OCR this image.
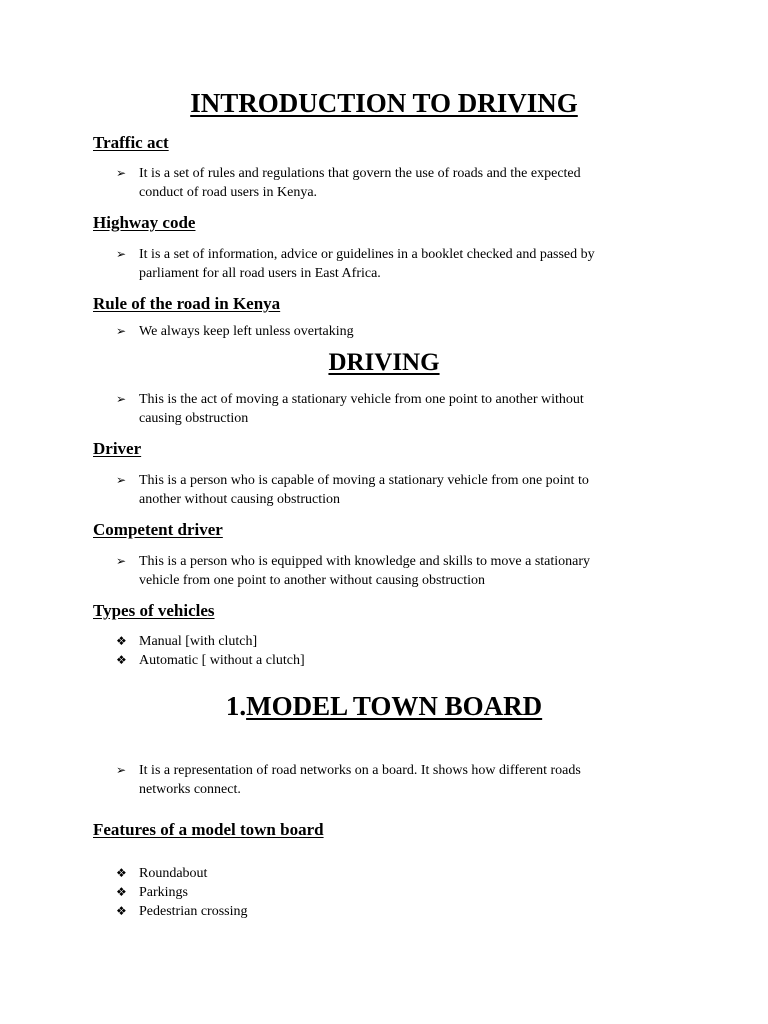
INTRODUCTION TO DRIVING
Traffic act
➢ It is a set of rules and regulations that govern the use of roads and the expected
conduct of road users in Kenya.
Highway code
➢ It is a set of information, advice or guidelines in a booklet checked and passed by
parliament for all road users in East Africa.
Rule of the road in Kenya
➢ We always keep left unless overtaking
DRIVING
➢ This is the act of moving a stationary vehicle from one point to another without
causing obstruction
Driver
➢ This is a person who is capable of moving a stationary vehicle from one point to
another without causing obstruction
Competent driver
➢ This is a person who is equipped with knowledge and skills to move a stationary
vehicle from one point to another without causing obstruction
Types of vehicles
❖ Manual [with clutch]
❖ Automatic [ without a clutch]
1.MODEL TOWN BOARD
➢ It is a representation of road networks on a board. It shows how different roads
networks connect.
Features of a model town board
❖ Roundabout
❖ Parkings
❖ Pedestrian crossing
